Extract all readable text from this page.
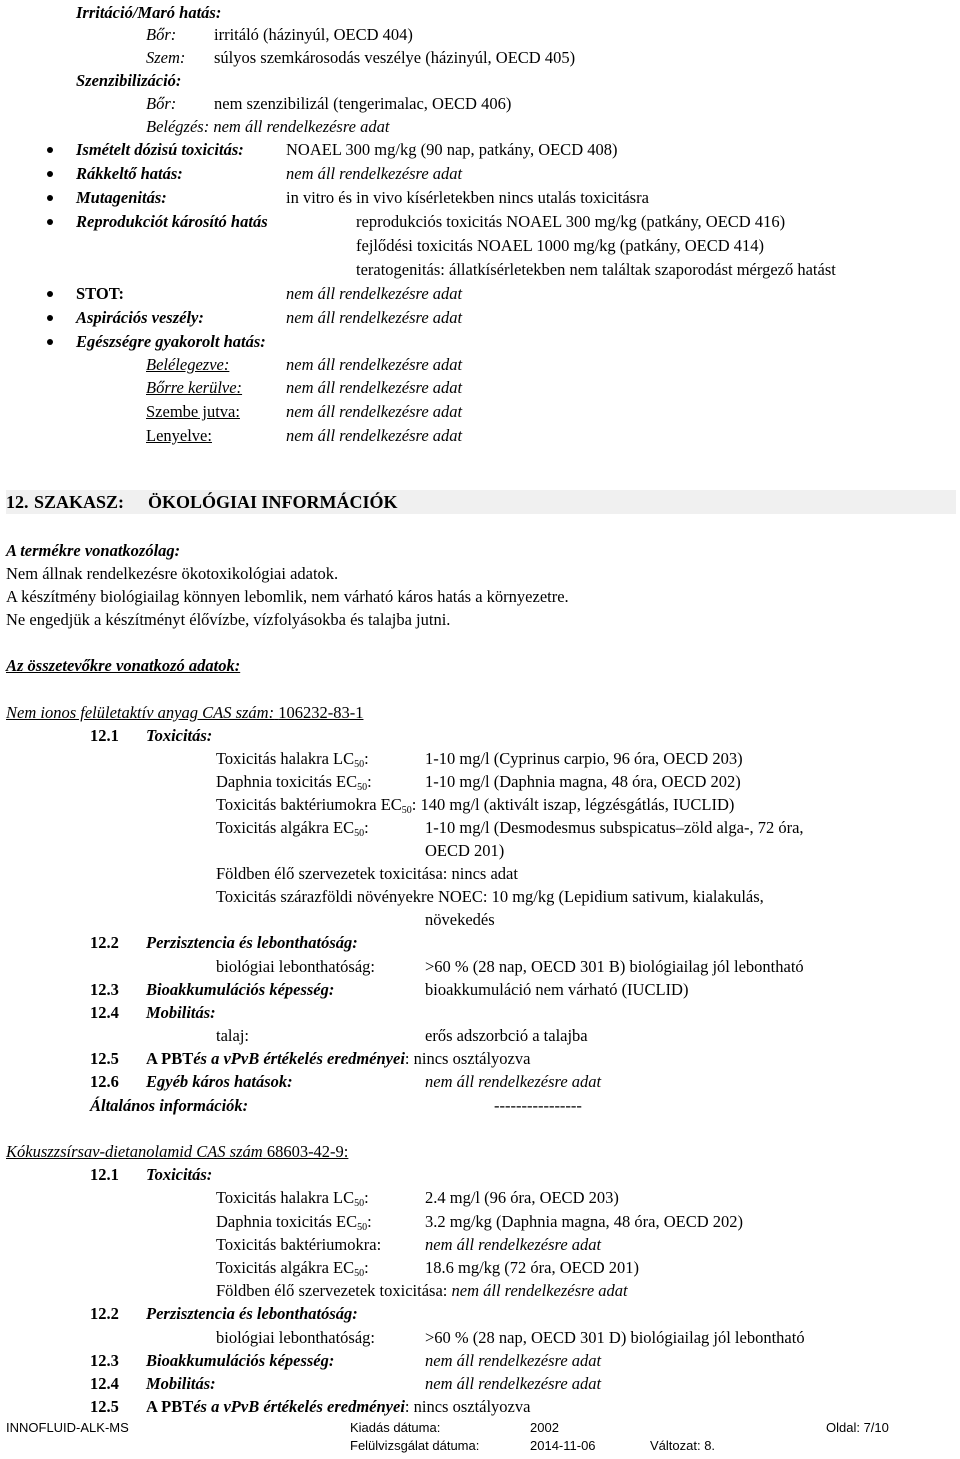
Irritáció/Maró hatás:
Bőr: irritáló (házinyúl, OECD 404)
Szem: súlyos szemkárosodás veszélye (házinyúl, OECD 405)
Szenzibilizáció:
Bőr: nem szenzibilizál (tengerimalac, OECD 406)
Belégzés: nem áll rendelkezésre adat
Ismételt dózisú toxicitás:	NOAEL 300 mg/kg (90 nap, patkány, OECD 408)
Rákkeltő hatás:	nem áll rendelkezésre adat
Mutagenitás:	in vitro és in vivo kísérletekben nincs utalás toxicitásra
Reprodukciót károsító hatás	reprodukciós toxicitás NOAEL 300 mg/kg (patkány, OECD 416)
fejlődési toxicitás NOAEL 1000 mg/kg (patkány, OECD 414)
teratogenitás: állatkísérletekben nem találtak szaporodást mérgező hatást
STOT:	nem áll rendelkezésre adat
Aspirációs veszély:	nem áll rendelkezésre adat
Egészségre gyakorolt hatás:
Belélegezve:	nem áll rendelkezésre adat
Bőrre kerülve:	nem áll rendelkezésre adat
Szembe jutva:	nem áll rendelkezésre adat
Lenyelve:	nem áll rendelkezésre adat
12. SZAKASZ: ÖKOLÓGIAI INFORMÁCIÓK
A termékre vonatkozólag:
Nem állnak rendelkezésre ökotoxikológiai adatok.
A készítmény biológiailag könnyen lebomlik, nem várható káros hatás a környezetre.
Ne engedjük a készítményt élővízbe, vízfolyásokba és talajba jutni.
Az összetevőkre vonatkozó adatok:
Nem ionos felületaktív anyag CAS szám: 106232-83-1
12.1 Toxicitás:
Toxicitás halakra $LC_{50}$:	1-10 mg/l (Cyprinus carpio, 96 óra, OECD 203)
Daphnia toxicitás $EC_{50}$:	1-10 mg/l (Daphnia magna, 48 óra, OECD 202)
Toxicitás baktériumokra $EC_{50}$: 140 mg/l (aktivált iszap, légzésgátlás, IUCLID)
Toxicitás algákra $EC_{50}$:	1-10 mg/l (Desmodesmus subspicatus–zöld alga-, 72 óra,
OECD 201)
Földben élő szervezetek toxicitása: nincs adat
Toxicitás szárazföldi növényekre NOEC: 10 mg/kg (Lepidium sativum, kialakulás,
növekedés
12.2 Perzisztencia és lebonthatóság:
biológiai lebonthatóság:	>60 % (28 nap, OECD 301 B) biológiailag jól lebontható
12.3 Bioakkumulációs képesség:	bioakkumuláció nem várható (IUCLID)
12.4 Mobilitás:
talaj:	erős adszorbció a talajba
12.5 A PBTés a vPvB értékelés eredményei: nincs osztályozva
12.6 Egyéb káros hatások:	nem áll rendelkezésre adat
Általános információk:	----------------
Kókuszzsírsav-dietanolamid CAS szám 68603-42-9:
12.1 Toxicitás:
Toxicitás halakra $LC_{50}$:	2.4 mg/l (96 óra, OECD 203)
Daphnia toxicitás $EC_{50}$:	3.2 mg/kg (Daphnia magna, 48 óra, OECD 202)
Toxicitás baktériumokra:	nem áll rendelkezésre adat
Toxicitás algákra $EC_{50}$:	18.6 mg/kg (72 óra, OECD 201)
Földben élő szervezetek toxicitása: nem áll rendelkezésre adat
12.2 Perzisztencia és lebonthatóság:
biológiai lebonthatóság:	>60 % (28 nap, OECD 301 D) biológiailag jól lebontható
12.3 Bioakkumulációs képesség:	nem áll rendelkezésre adat
12.4 Mobilitás:	nem áll rendelkezésre adat
12.5 A PBTés a vPvB értékelés eredményei: nincs osztályozva
INNOFLUID-ALK-MS	Kiadás dátuma:	2002	Oldal: 7/10
Felülvizsgálat dátuma:	2014-11-06	Változat: 8.
